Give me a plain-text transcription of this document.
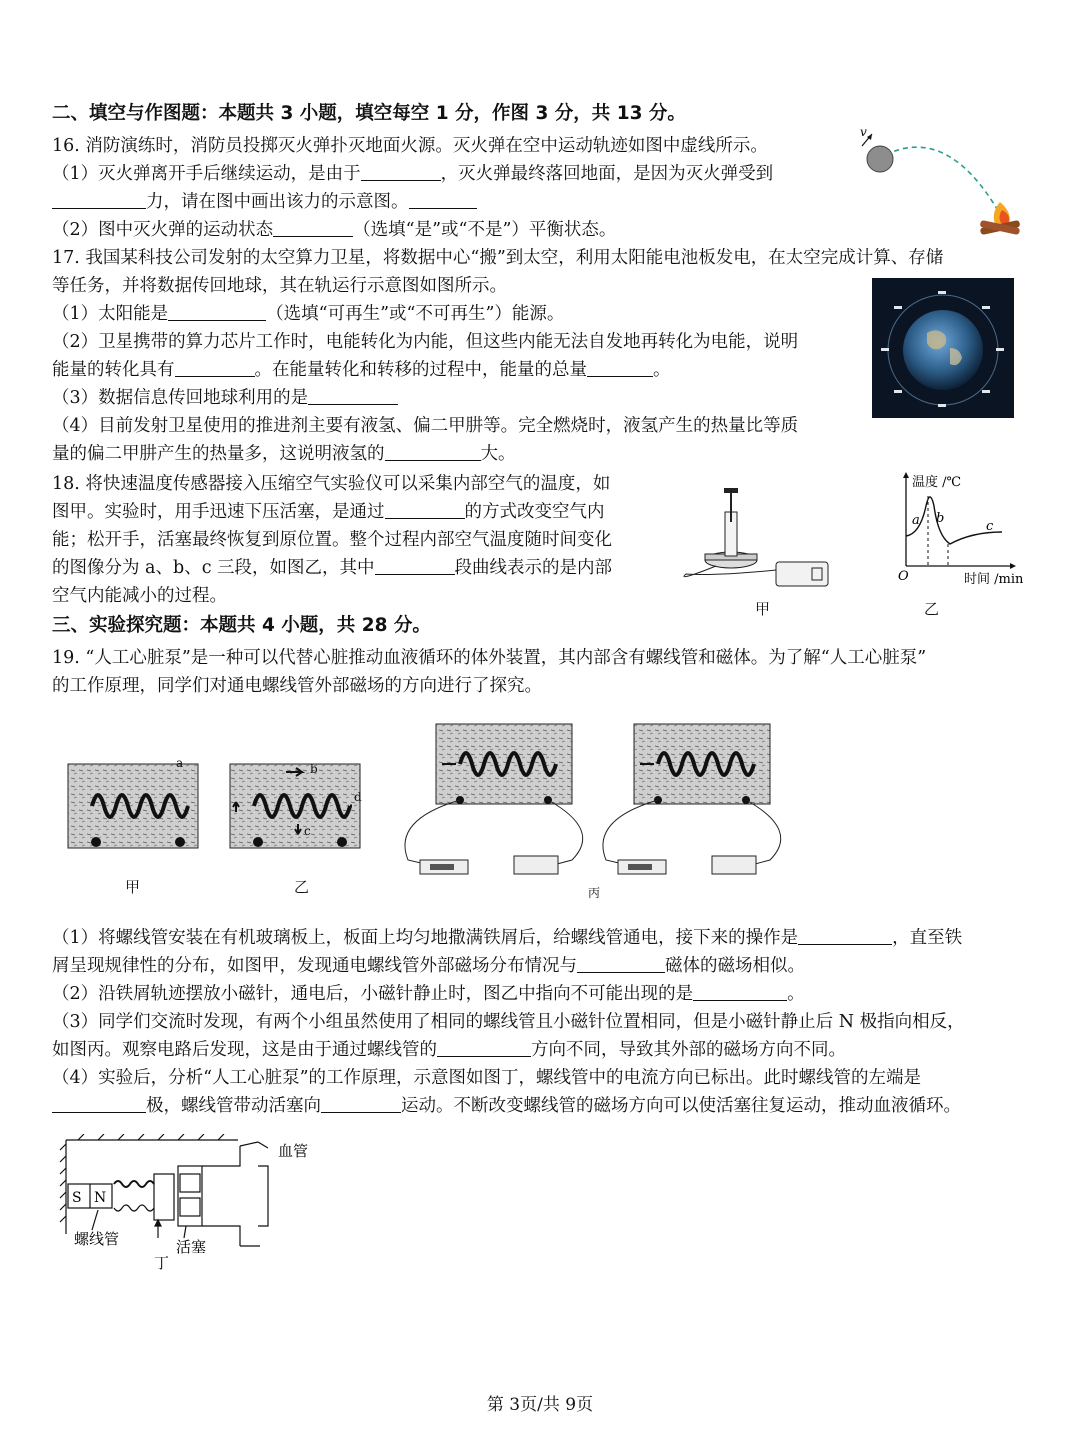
二、填空与作图题：本题共 3 小题，填空每空 1 分，作图 3 分，共 13 分。
16. 消防演练时，消防员投掷灭火弹扑灭地面火源。灭火弹在空中运动轨迹如图中虚线所示。
（1）灭火弹离开手后继续运动，是由于	，灭火弹最终落回地面，是因为灭火弹受到
力，请在图中画出该力的示意图。
（2）图中灭火弹的运动状态	（选填“是”或“不是”）平衡状态。
v
17. 我国某科技公司发射的太空算力卫星，将数据中心“搬”到太空，利用太阳能电池板发电，在太空完成计算、存储
等任务，并将数据传回地球，其在轨运行示意图如图所示。
（1）太阳能是	（选填“可再生”或“不可再生”）能源。
（2）卫星携带的算力芯片工作时，电能转化为内能，但这些内能无法自发地再转化为电能，说明
能量的转化具有	。在能量转化和转移的过程中，能量的总量	。
（3）数据信息传回地球利用的是
（4）目前发射卫星使用的推进剂主要有液氢、偏二甲肼等。完全燃烧时，液氢产生的热量比等质
量的偏二甲肼产生的热量多，这说明液氢的	大。
18. 将快速温度传感器接入压缩空气实验仪可以采集内部空气的温度，如
图甲。实验时，用手迅速下压活塞，是通过	的方式改变空气内
能；松开手，活塞最终恢复到原位置。整个过程内部空气温度随时间变化
的图像分为 a、b、c 三段，如图乙，其中	段曲线表示的是内部
空气内能减小的过程。
甲
温度 /℃
时间 /min
O
a b
c
乙
三、实验探究题：本题共 4 小题，共 28 分。
19. “人工心脏泵”是一种可以代替心脏推动血液循环的体外装置，其内部含有螺线管和磁体。为了解“人工心脏泵”
的工作原理，同学们对通电螺线管外部磁场的方向进行了探究。
a	b
c
d
甲	乙	丙
（1）将螺线管安装在有机玻璃板上，板面上均匀地撒满铁屑后，给螺线管通电，接下来的操作是	，直至铁
屑呈现规律性的分布，如图甲，发现通电螺线管外部磁场分布情况与	磁体的磁场相似。
（2）沿铁屑轨迹摆放小磁针，通电后，小磁针静止时，图乙中指向不可能出现的是	。
（3）同学们交流时发现，有两个小组虽然使用了相同的螺线管且小磁针位置相同，但是小磁针静止后 N 极指向相反，
如图丙。观察电路后发现，这是由于通过螺线管的	方向不同，导致其外部的磁场方向不同。
（4）实验后，分析“人工心脏泵”的工作原理，示意图如图丁，螺线管中的电流方向已标出。此时螺线管的左端是
极，螺线管带动活塞向	运动。不断改变螺线管的磁场方向可以使活塞往复运动，推动血液循环。
S N
血管
螺线管	活塞
丁
第 3页/共 9页
